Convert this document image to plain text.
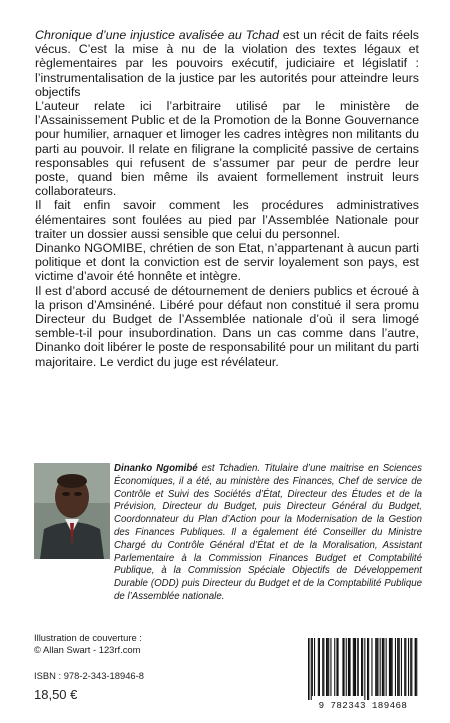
Chronique d’une injustice avalisée au Tchad est un récit de faits réels vécus. C’est la mise à nu de la violation des textes légaux et règlementaires par les pouvoirs exécutif, judiciaire et législatif : l’instrumentalisation de la justice par les autorités pour atteindre leurs objectifs

L’auteur relate ici l’arbitraire utilisé par le ministère de l’Assainissement Public et de la Promotion de la Bonne Gouvernance pour humilier, arnaquer et limoger les cadres intègres non militants du parti au pouvoir. Il relate en filigrane la complicité passive de certains responsables qui refusent de s’assumer par peur de perdre leur poste, quand bien même ils avaient formellement instruit leurs collaborateurs.

Il fait enfin savoir comment les procédures administratives élémentaires sont foulées au pied par l’Assemblée Nationale pour traiter un dossier aussi sensible que celui du personnel.

Dinanko NGOMIBE, chrétien de son Etat, n’appartenant à aucun parti politique et dont la conviction est de servir loyalement son pays, est victime d’avoir été honnête et intègre.

Il est d’abord accusé de détournement de deniers publics et écroué à la prison d’Amsinéné. Libéré pour défaut non constitué il sera promu Directeur du Budget de l’Assemblée nationale d’où il sera limogé semble-t-il pour insubordination. Dans un cas comme dans l’autre, Dinanko doit libérer le poste de responsabilité pour un militant du parti majoritaire. Le verdict du juge est révélateur.

Dinanko Ngomibé est Tchadien. Titulaire d’une maitrise en Sciences Économiques, il a été, au ministère des Finances, Chef de service de Contrôle et Suivi des Sociétés d’État, Directeur des Études et de la Prévision, Directeur du Budget, puis Directeur Général du Budget, Coordonnateur du Plan d’Action pour la Modernisation de la Gestion des Finances Publiques. Il a également été Conseiller du Ministre Chargé du Contrôle Général d’État et de la Moralisation, Assistant Parlementaire à la Commission Finances Budget et Comptabilité Publique, à la Commission Spéciale Objectifs de Développement Durable (ODD) puis Directeur du Budget et de la Comptabilité Publique de l’Assemblée nationale.
Illustration de couverture :
© Allan Swart - 123rf.com
ISBN : 978-2-343-18946-8
18,50 €
9 782343 189468
